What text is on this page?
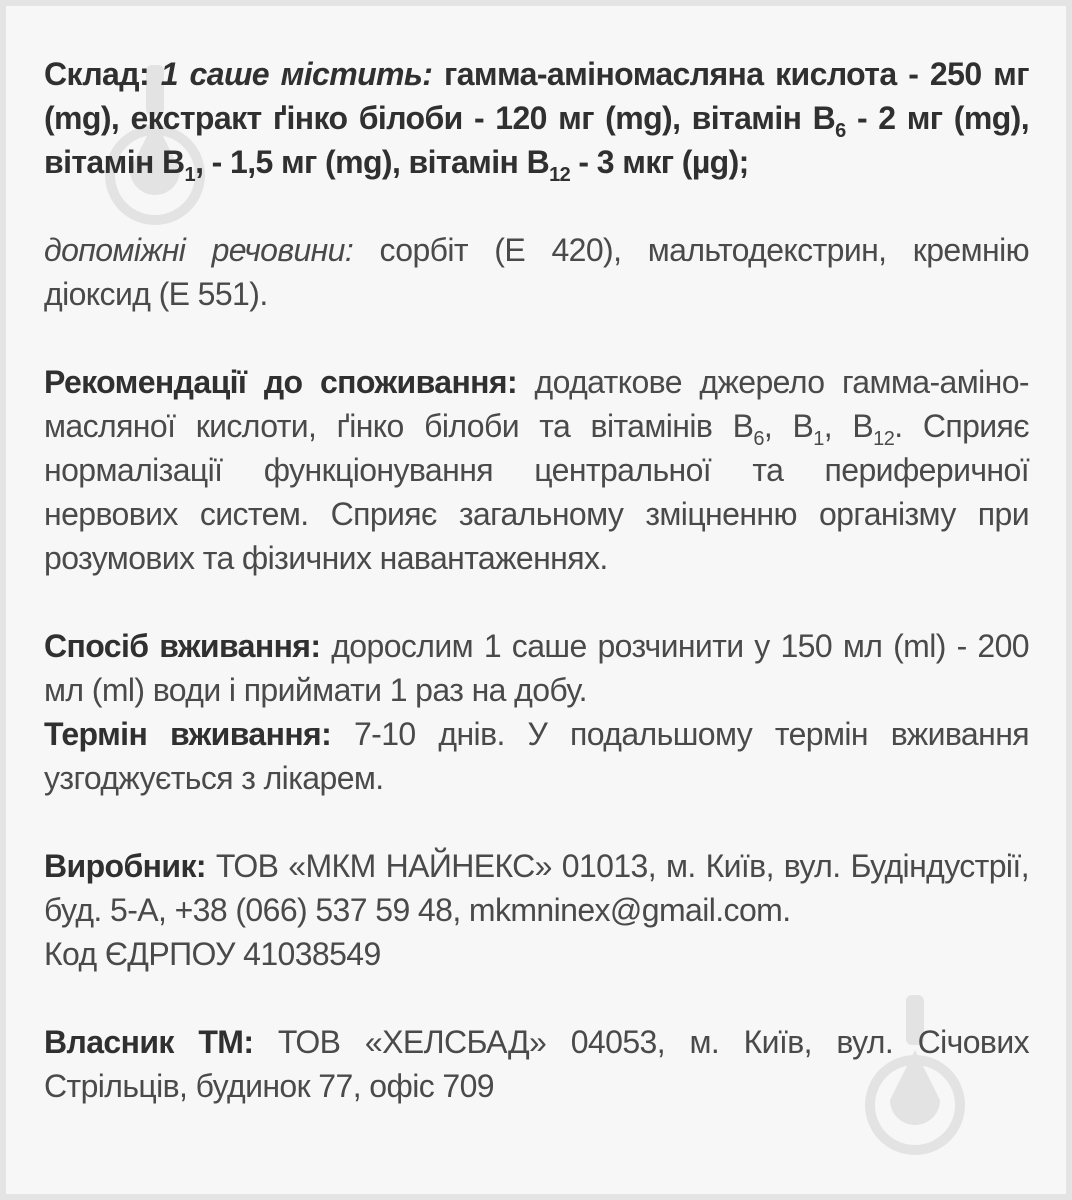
Склад: 1 саше містить: гамма-аміномасляна кислота - 250 мг (mg), екстракт ґінко білоби - 120 мг (mg), вітамін $B_6 - 2$ мг (mg), вітамін $B_1$, - 1,5 мг (mg), вітамін $B_{12} - 3$ мкг (µg);

допоміжні речовини: сорбіт (Е 420), мальтодекстрин, кремнію діоксид (Е 551).

Рекомендації до споживання: додаткове джерело гамма-аміно-масляної кислоти, ґінко білоби та вітамінів $B_6$, $B_1$, $B_{12}$. Сприяє нормалізації функціонування центральної та периферичної нервових систем. Сприяє загальному зміцненню організму при розумових та фізичних навантаженнях.

Спосіб вживання: дорослим 1 саше розчинити у 150 мл (ml) - 200 мл (ml) води і приймати 1 раз на добу.

Термін вживання: 7-10 днів. У подальшому термін вживання узгоджується з лікарем.

Виробник: ТОВ «МКМ НАЙНЕКС» 01013, м. Київ, вул. Будіндустрії, буд. 5-А, +38 (066) 537 59 48, mkmninex@gmail.com.

Код ЄДРПОУ 41038549

Власник ТМ: ТОВ «ХЕЛСБАД» 04053, м. Київ, вул. Січових Стрільців, будинок 77, офіс 709
